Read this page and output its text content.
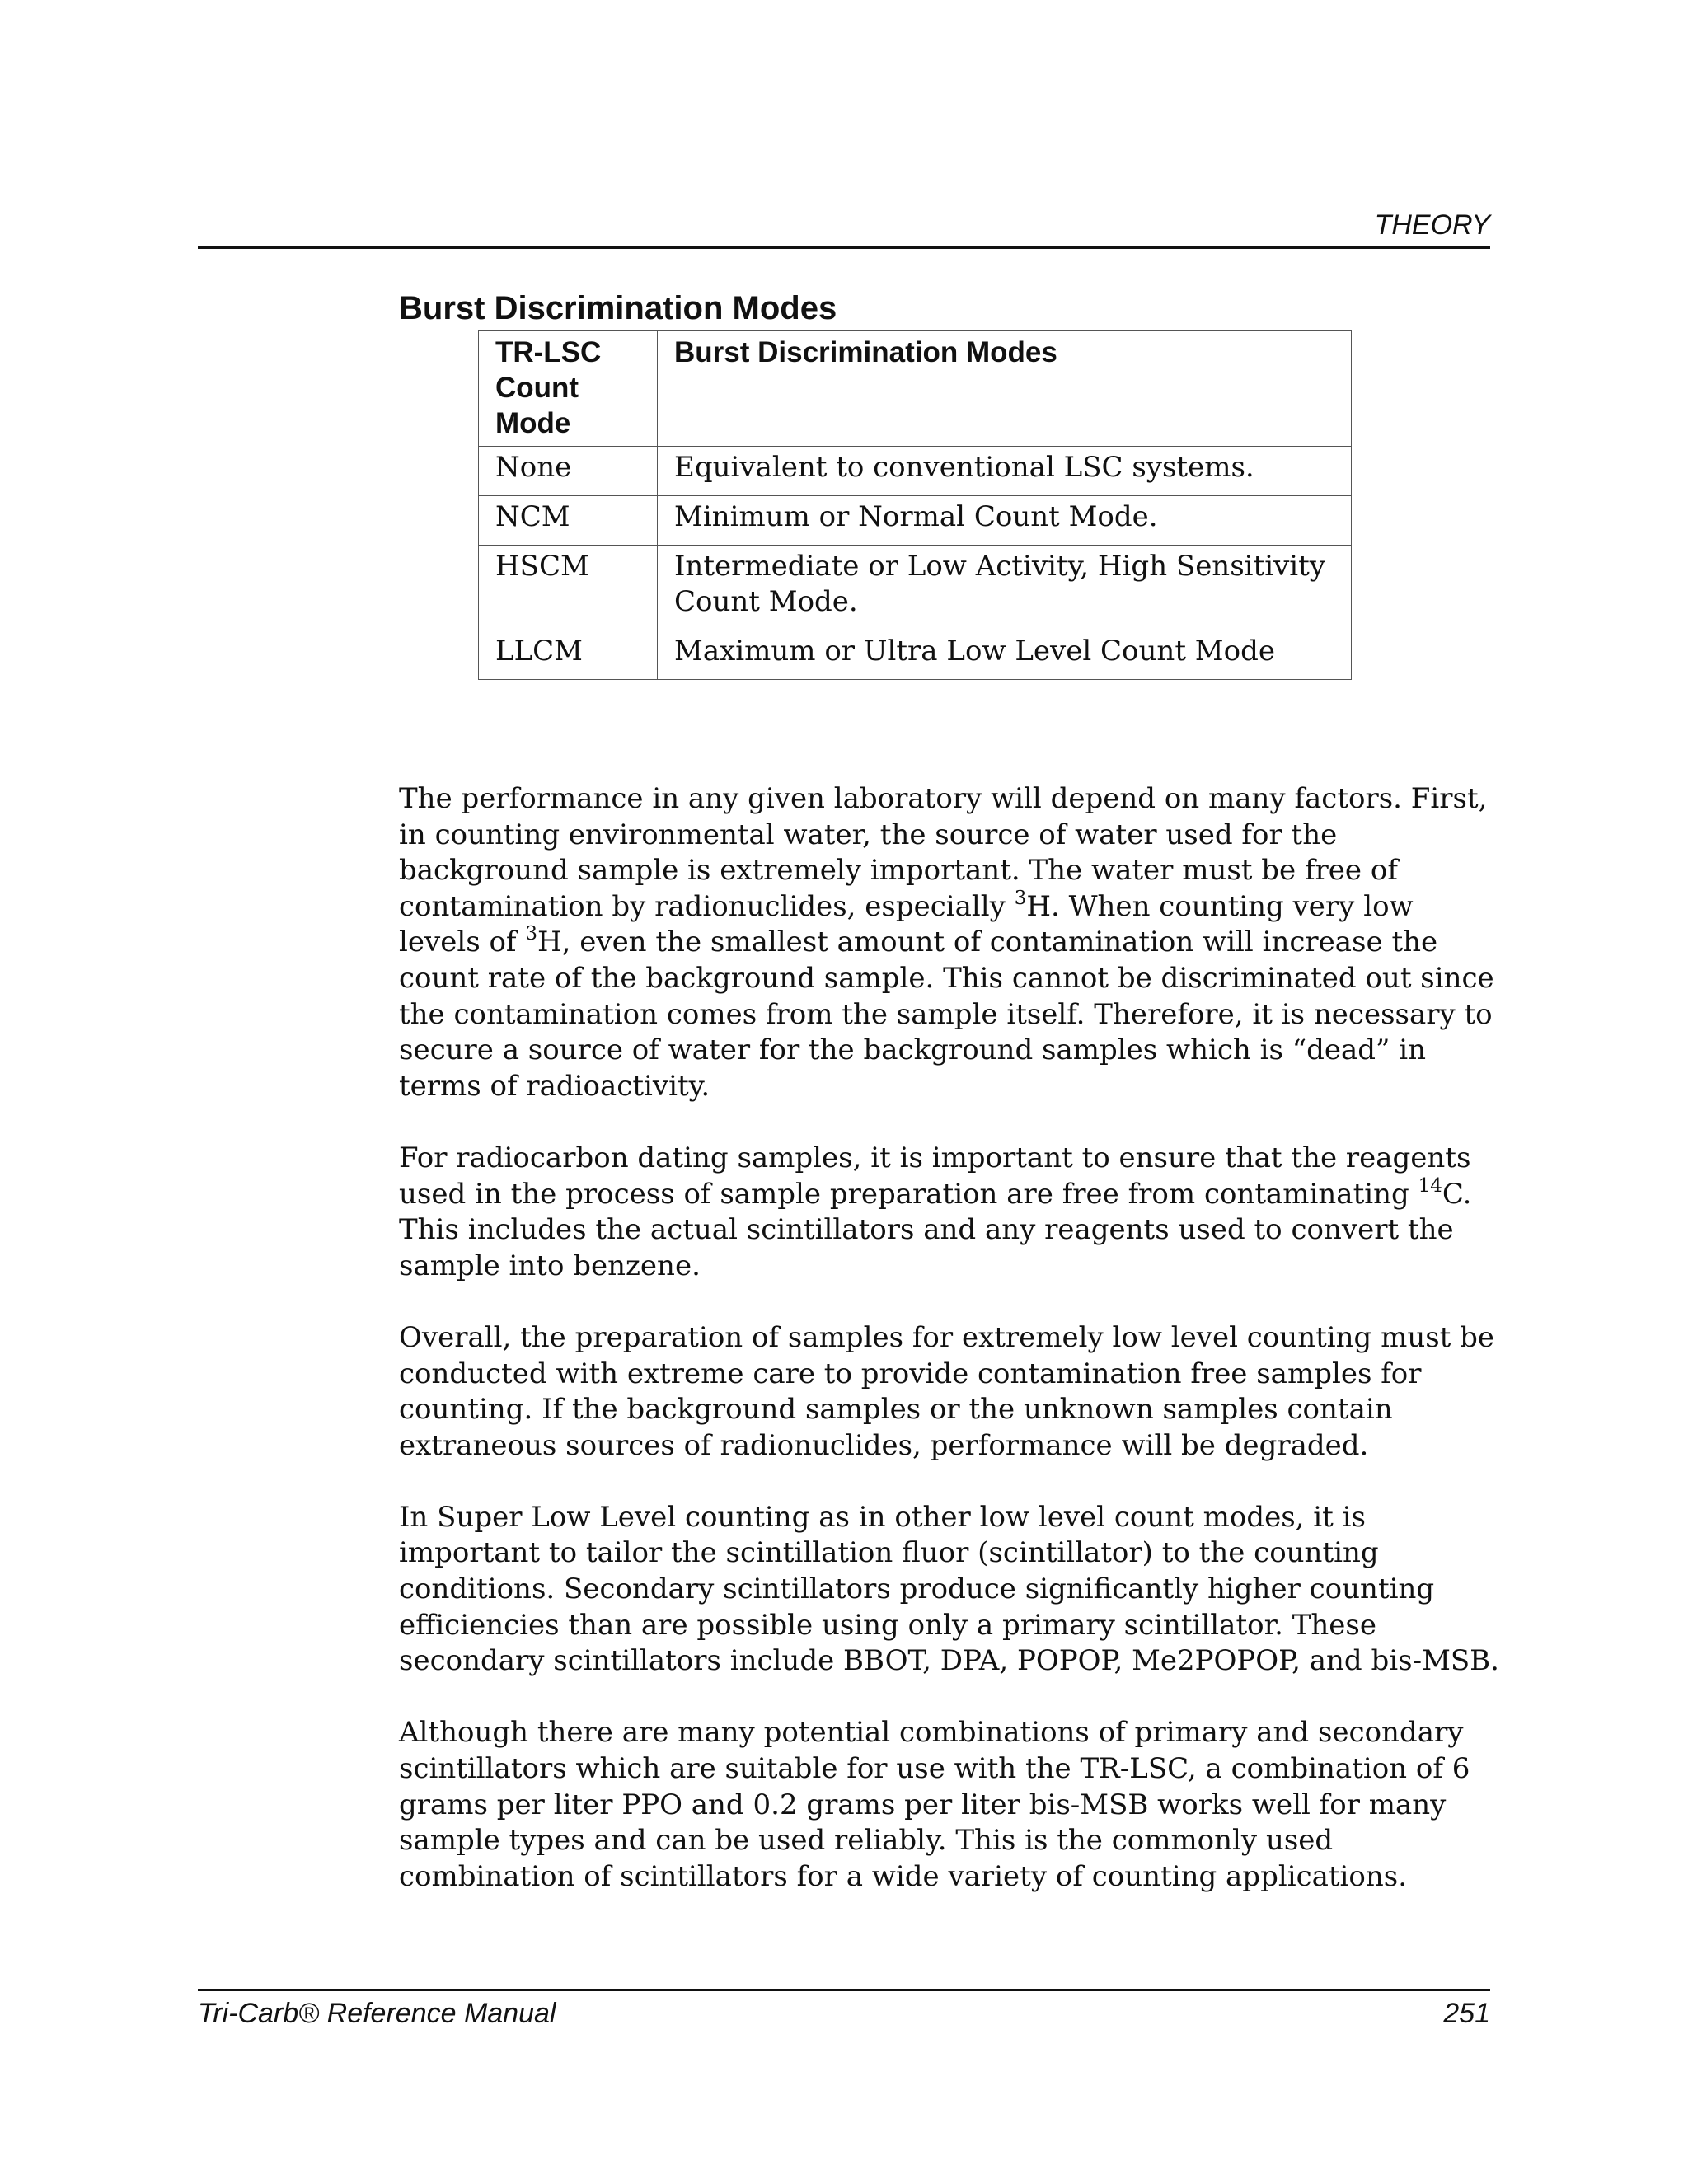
THEORY
Burst Discrimination Modes
TR-LSC Count Mode	Burst Discrimination Modes
None	Equivalent to conventional LSC systems.
NCM	Minimum or Normal Count Mode.
HSCM	Intermediate or Low Activity, High Sensitivity Count Mode.
LLCM	Maximum or Ultra Low Level Count Mode

The performance in any given laboratory will depend on many factors. First, in counting environmental water, the source of water used for the background sample is extremely important. The water must be free of contamination by radionuclides, especially $^3$H. When counting very low levels of $^3$H, even the smallest amount of contamination will increase the count rate of the background sample. This cannot be discriminated out since the contamination comes from the sample itself. Therefore, it is necessary to secure a source of water for the background samples which is “dead” in terms of radioactivity.

For radiocarbon dating samples, it is important to ensure that the reagents used in the process of sample preparation are free from contaminating $^{14}$C. This includes the actual scintillators and any reagents used to convert the sample into benzene.

Overall, the preparation of samples for extremely low level counting must be conducted with extreme care to provide contamination free samples for counting. If the background samples or the unknown samples contain extraneous sources of radionuclides, performance will be degraded.

In Super Low Level counting as in other low level count modes, it is important to tailor the scintillation fluor (scintillator) to the counting conditions. Secondary scintillators produce significantly higher counting efficiencies than are possible using only a primary scintillator. These secondary scintillators include BBOT, DPA, POPOP, Me2POPOP, and bis-MSB.

Although there are many potential combinations of primary and secondary scintillators which are suitable for use with the TR-LSC, a combination of 6 grams per liter PPO and 0.2 grams per liter bis-MSB works well for many sample types and can be used reliably. This is the commonly used combination of scintillators for a wide variety of counting applications.

Tri-Carb® Reference Manual	251
